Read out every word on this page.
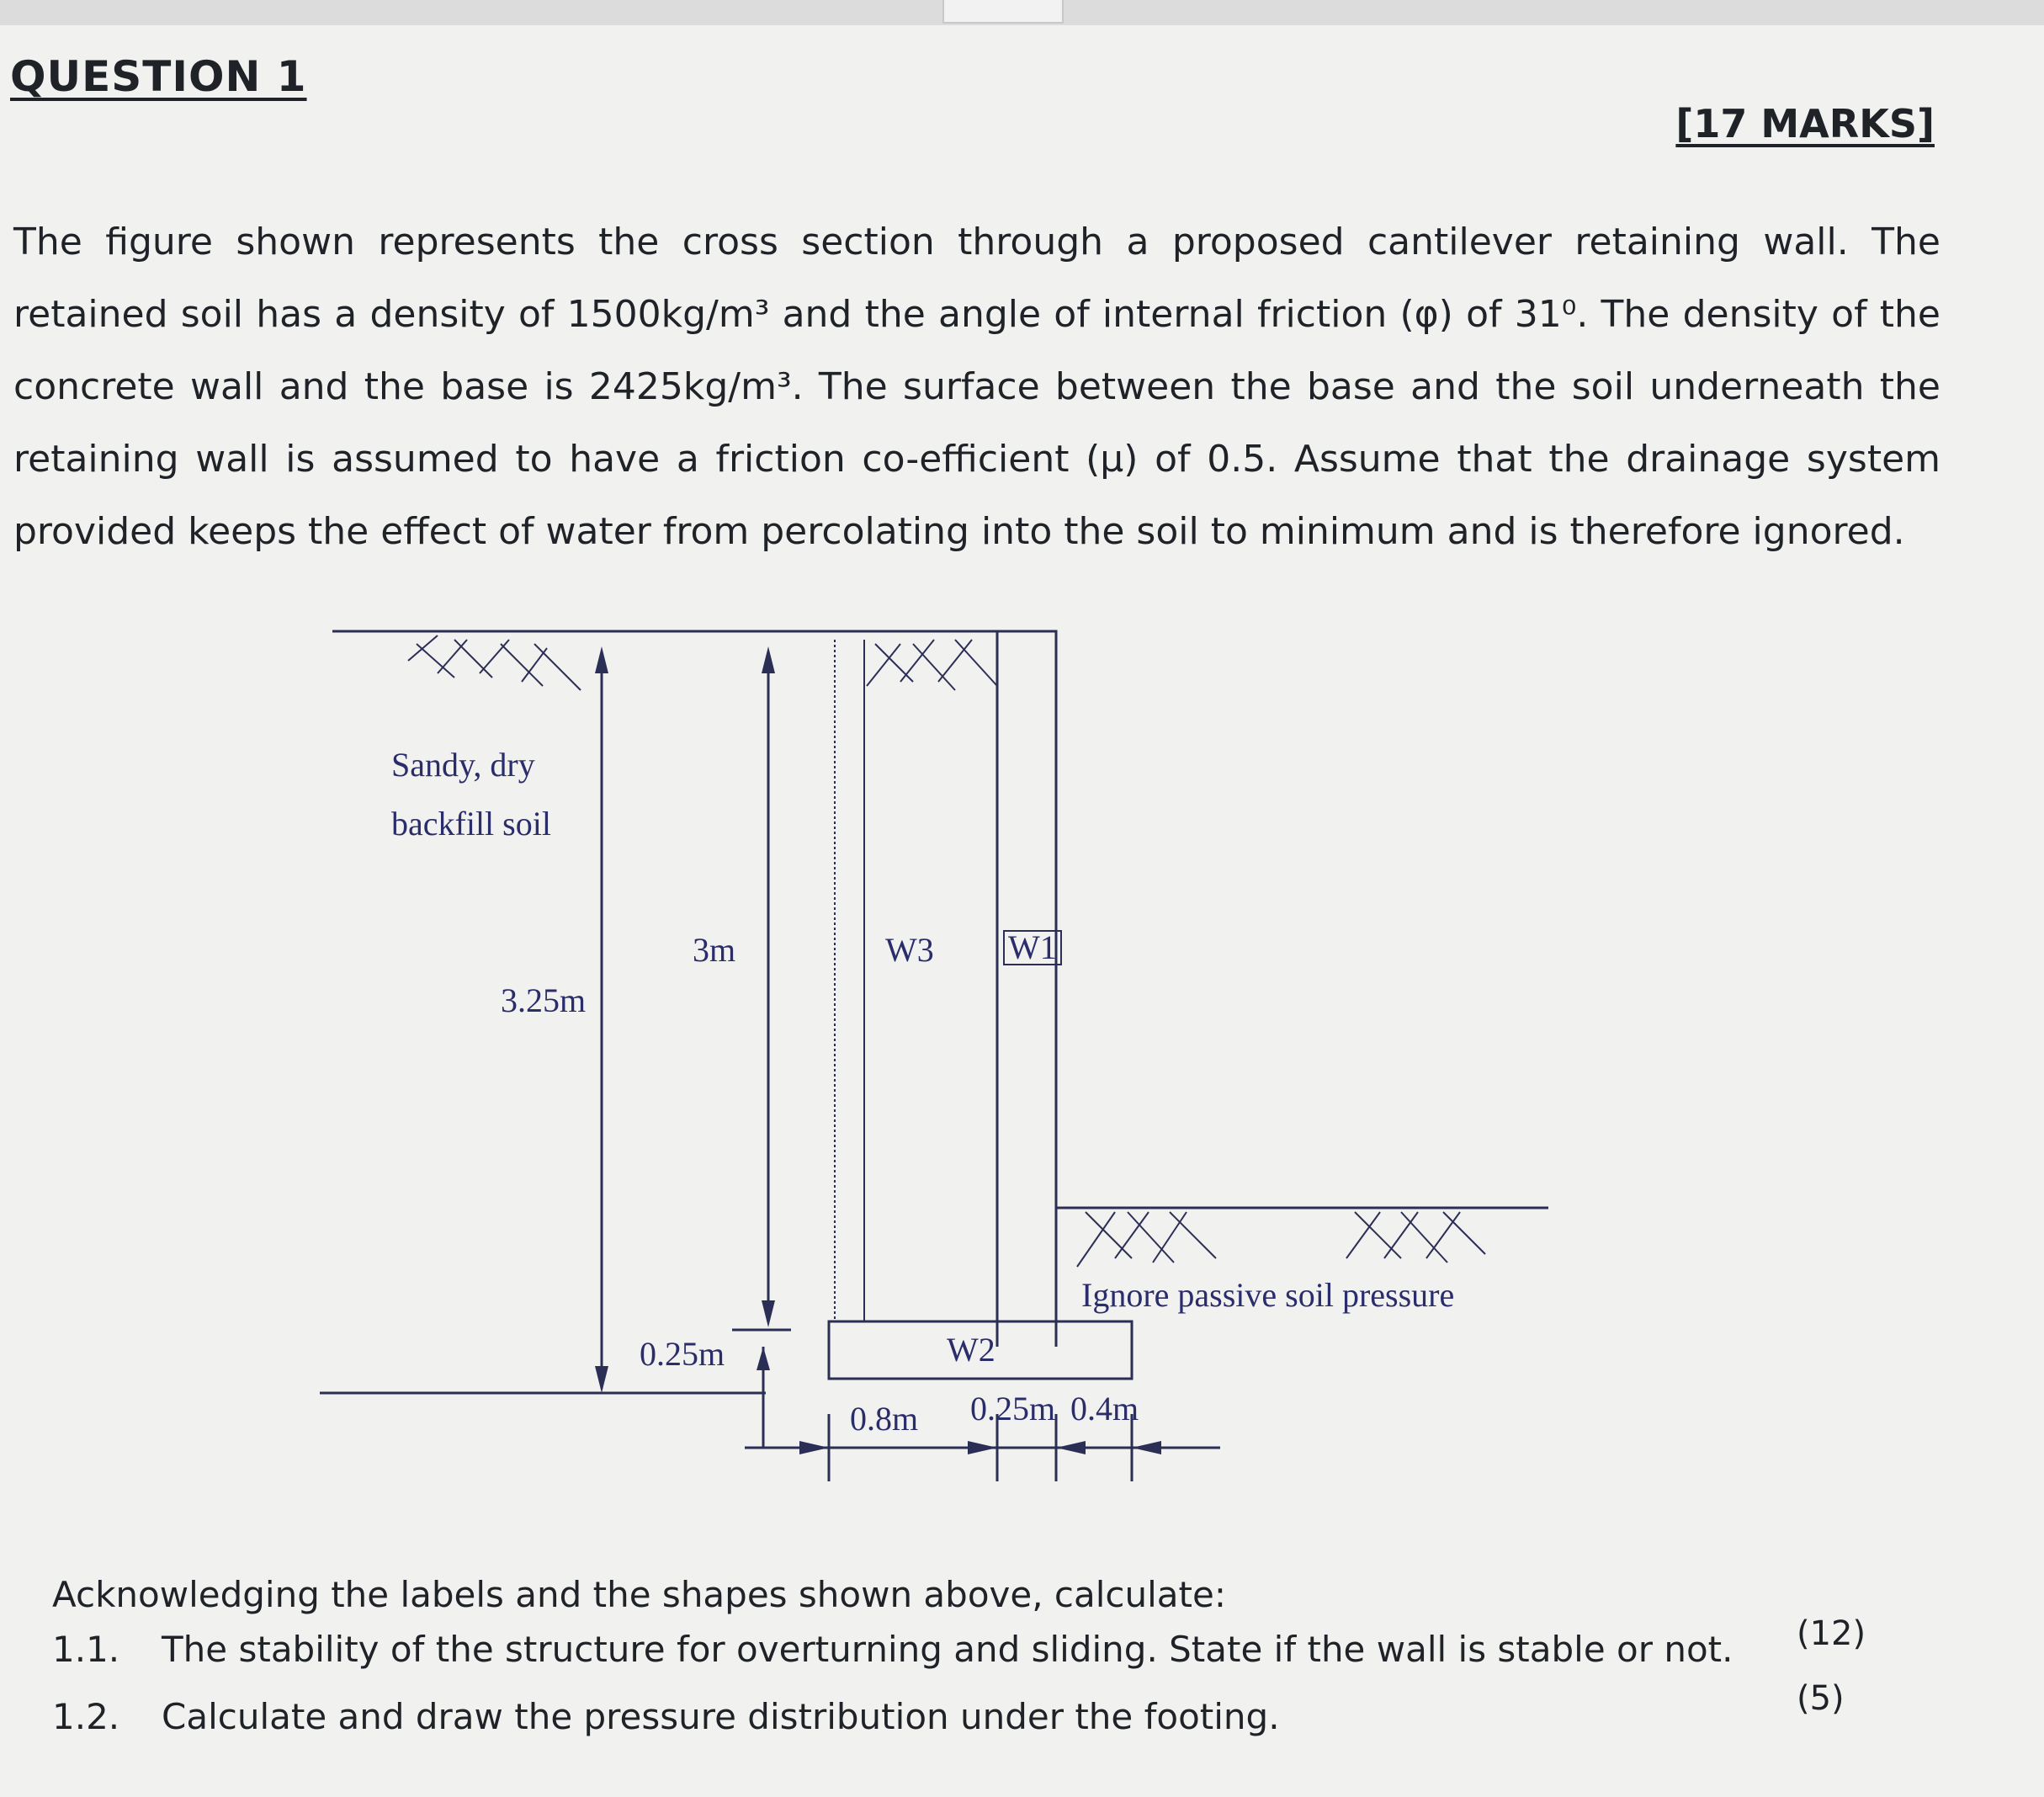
QUESTION 1
[17 MARKS]
The figure shown represents the cross section through a proposed cantilever retaining wall. The
retained soil has a density of 1500kg/m³ and the angle of internal friction (φ) of 31⁰. The density of the
concrete wall and the base is 2425kg/m³. The surface between the base and the soil underneath the
retaining wall is assumed to have a friction co-efficient (μ) of 0.5. Assume that the drainage system
provided keeps the effect of water from percolating into the soil to minimum and is therefore ignored.
Sandy, dry
backfill soil
3.25m
3m	W3 W1
0.25m	W2
0.8m 0.25m 0.4m
Ignore passive soil pressure
Acknowledging the labels and the shapes shown above, calculate:
1.1. The stability of the structure for overturning and sliding. State if the wall is stable or not. (12)
1.2. Calculate and draw the pressure distribution under the footing.	(5)
